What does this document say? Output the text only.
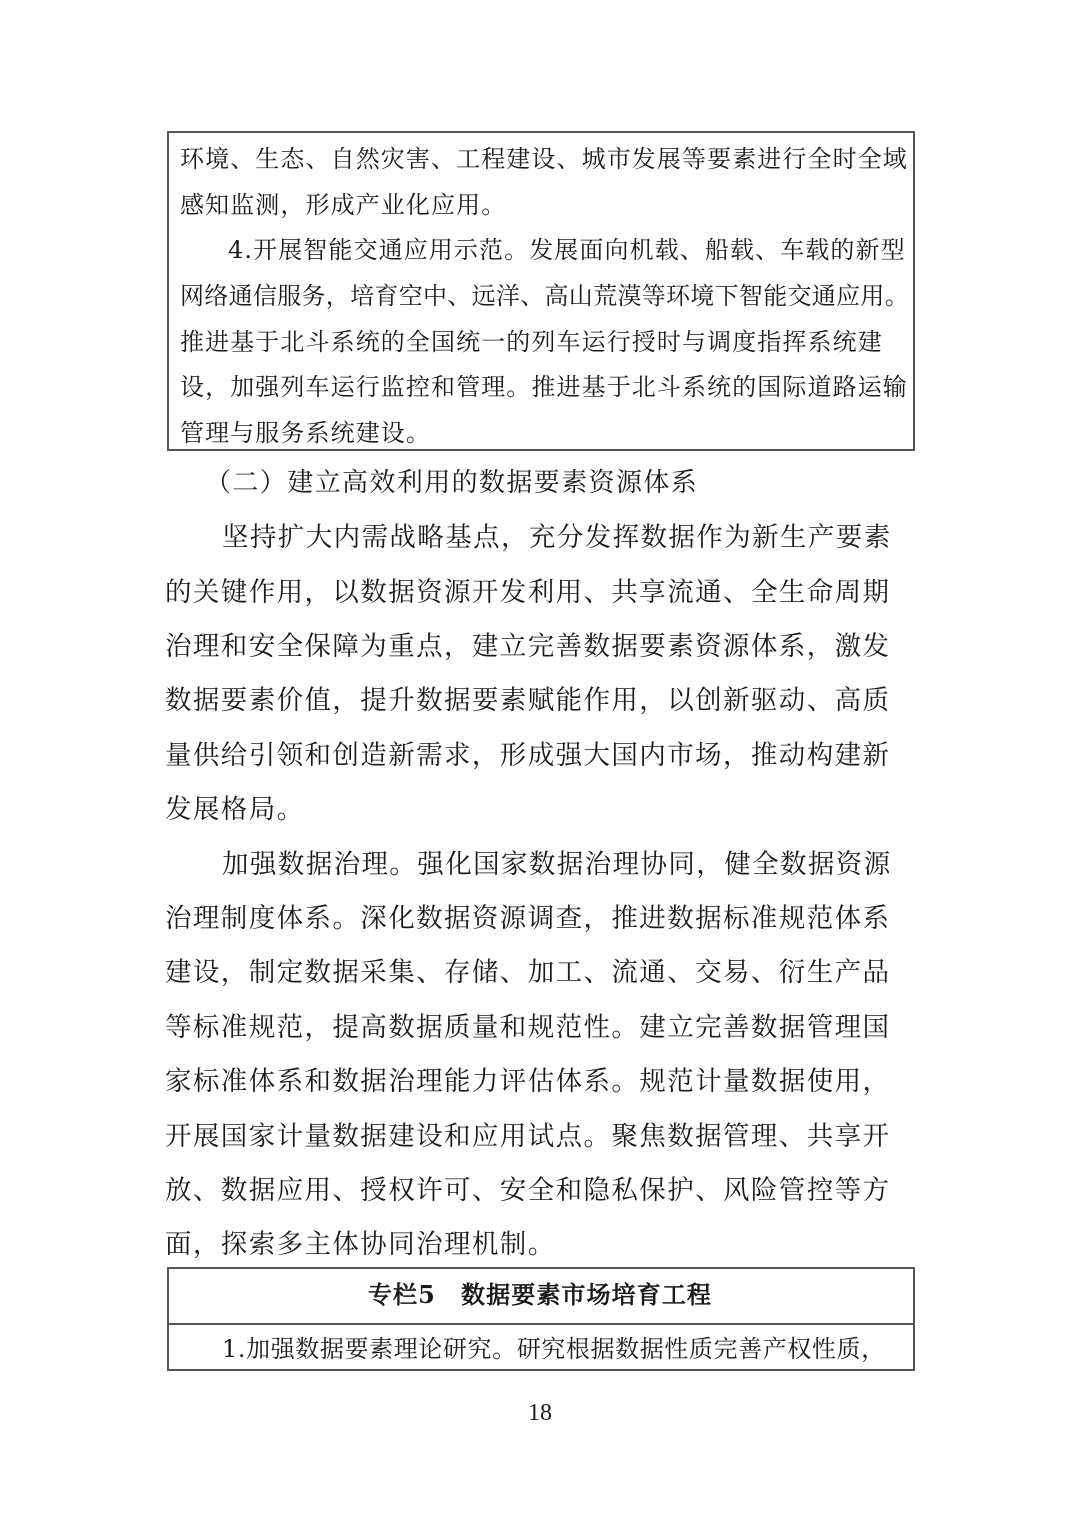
环境、生态、自然灾害、工程建设、城市发展等要素进行全时全域
感知监测，形成产业化应用。
4.开展智能交通应用示范。发展面向机载、船载、车载的新型
网络通信服务，培育空中、远洋、高山荒漠等环境下智能交通应用。
推进基于北斗系统的全国统一的列车运行授时与调度指挥系统建
设，加强列车运行监控和管理。推进基于北斗系统的国际道路运输
管理与服务系统建设。
（二）建立高效利用的数据要素资源体系
坚持扩大内需战略基点，充分发挥数据作为新生产要素
的关键作用，以数据资源开发利用、共享流通、全生命周期
治理和安全保障为重点，建立完善数据要素资源体系，激发
数据要素价值，提升数据要素赋能作用，以创新驱动、高质
量供给引领和创造新需求，形成强大国内市场，推动构建新
发展格局。
加强数据治理。强化国家数据治理协同，健全数据资源
治理制度体系。深化数据资源调查，推进数据标准规范体系
建设，制定数据采集、存储、加工、流通、交易、衍生产品
等标准规范，提高数据质量和规范性。建立完善数据管理国
家标准体系和数据治理能力评估体系。规范计量数据使用，
开展国家计量数据建设和应用试点。聚焦数据管理、共享开
放、数据应用、授权许可、安全和隐私保护、风险管控等方
面，探索多主体协同治理机制。
专栏5　数据要素市场培育工程
1.加强数据要素理论研究。研究根据数据性质完善产权性质，
18
